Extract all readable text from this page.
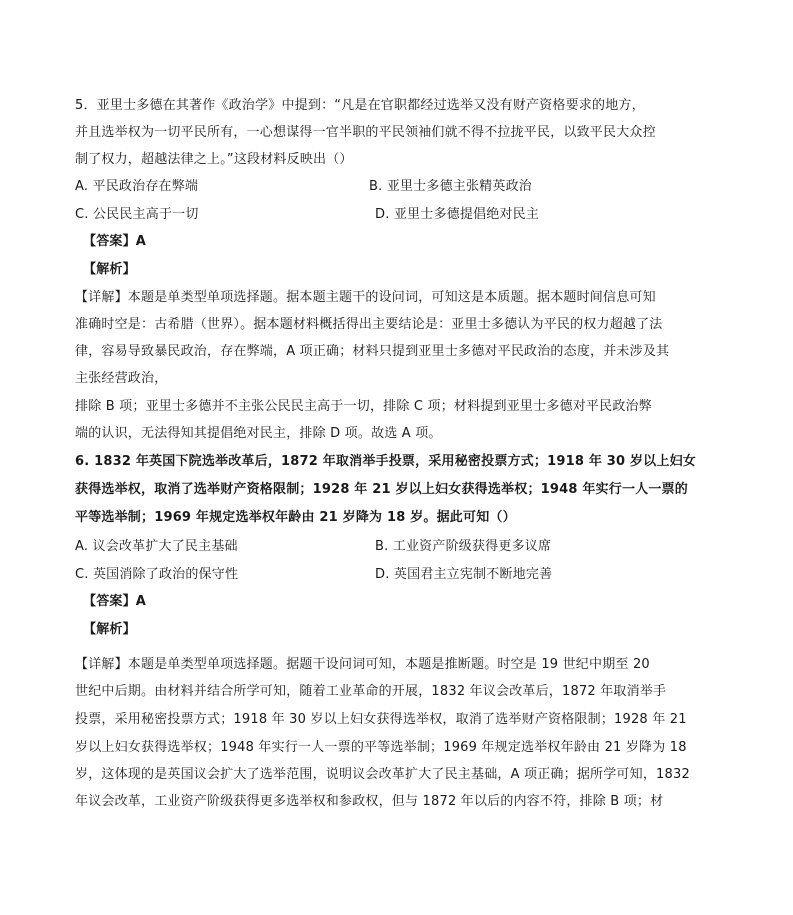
5．亚里士多德在其著作《政治学》中提到：“凡是在官职都经过选举又没有财产资格要求的地方，
并且选举权为一切平民所有，一心想谋得一官半职的平民领袖们就不得不拉拢平民，以致平民大众控
制了权力，超越法律之上。”这段材料反映出（）
A. 平民政治存在弊端	B. 亚里士多德主张精英政治
C. 公民民主高于一切	D. 亚里士多德提倡绝对民主
【答案】A
【解析】
【详解】本题是单类型单项选择题。据本题主题干的设问词，可知这是本质题。据本题时间信息可知
准确时空是：古希腊（世界）。据本题材料概括得出主要结论是：亚里士多德认为平民的权力超越了法
律，容易导致暴民政治，存在弊端，A 项正确；材料只提到亚里士多德对平民政治的态度，并未涉及其
主张经营政治，
排除 B 项；亚里士多德并不主张公民民主高于一切，排除 C 项；材料提到亚里士多德对平民政治弊
端的认识，无法得知其提倡绝对民主，排除 D 项。故选 A 项。
6. 1832 年英国下院选举改革后，1872 年取消举手投票，采用秘密投票方式；1918 年 30 岁以上妇女
获得选举权，取消了选举财产资格限制；1928 年 21 岁以上妇女获得选举权；1948 年实行一人一票的
平等选举制；1969 年规定选举权年龄由 21 岁降为 18 岁。据此可知（）
A. 议会改革扩大了民主基础	B. 工业资产阶级获得更多议席
C. 英国消除了政治的保守性	D. 英国君主立宪制不断地完善
【答案】A
【解析】
【详解】本题是单类型单项选择题。据题干设问词可知，本题是推断题。时空是 19 世纪中期至 20
世纪中后期。由材料并结合所学可知，随着工业革命的开展，1832 年议会改革后，1872 年取消举手
投票，采用秘密投票方式；1918 年 30 岁以上妇女获得选举权，取消了选举财产资格限制；1928 年 21
岁以上妇女获得选举权；1948 年实行一人一票的平等选举制；1969 年规定选举权年龄由 21 岁降为 18
岁，这体现的是英国议会扩大了选举范围，说明议会改革扩大了民主基础，A 项正确；据所学可知，1832
年议会改革，工业资产阶级获得更多选举权和参政权，但与 1872 年以后的内容不符，排除 B 项；材
